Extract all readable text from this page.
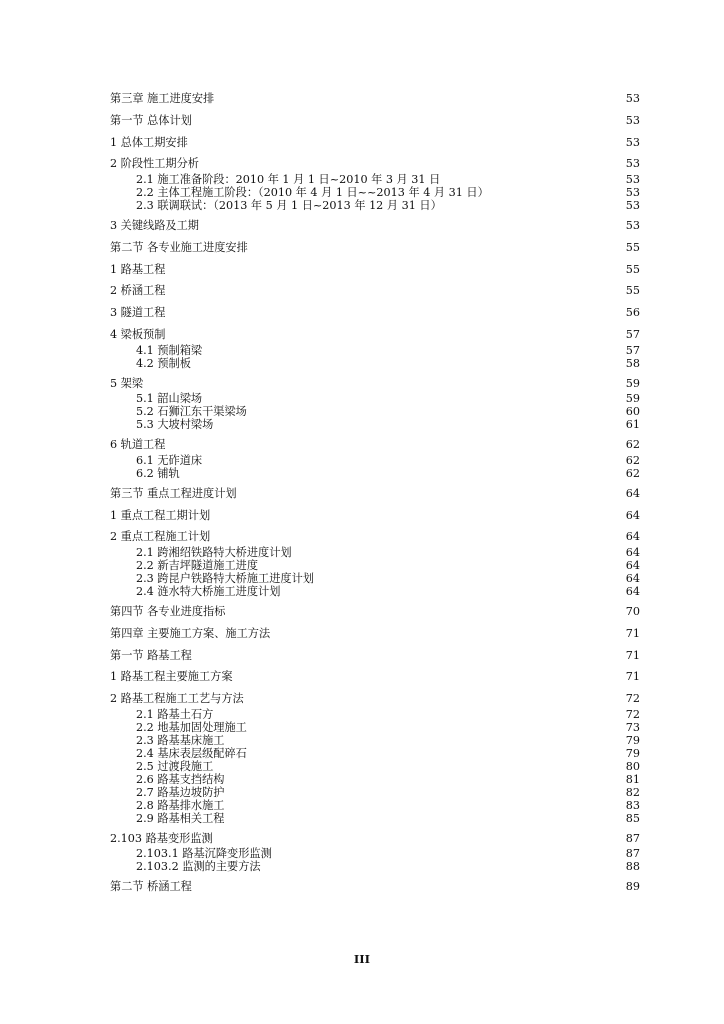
第三章 施工进度安排	53
第一节 总体计划	53
1 总体工期安排	53
2 阶段性工期分析	53
2.1 施工准备阶段：2010 年 1 月 1 日~2010 年 3 月 31 日	53
2.2 主体工程施工阶段：（2010 年 4 月 1 日~~2013 年 4 月 31 日）	53
2.3 联调联试：（2013 年 5 月 1 日~2013 年 12 月 31 日）	53
3 关键线路及工期	53
第二节 各专业施工进度安排	55
1 路基工程	55
2 桥涵工程	55
3 隧道工程	56
4 梁板预制	57
4.1 预制箱梁	57
4.2 预制板	58
5 架梁	59
5.1 韶山梁场	59
5.2 石狮江东干渠梁场	60
5.3 大坡村梁场	61
6 轨道工程	62
6.1 无砟道床	62
6.2 铺轨	62
第三节 重点工程进度计划	64
1 重点工程工期计划	64
2 重点工程施工计划	64
2.1 跨湘绍铁路特大桥进度计划	64
2.2 新吉坪隧道施工进度	64
2.3 跨昆户铁路特大桥施工进度计划	64
2.4 涟水特大桥施工进度计划	64
第四节 各专业进度指标	70
第四章 主要施工方案、施工方法	71
第一节 路基工程	71
1 路基工程主要施工方案	71
2 路基工程施工工艺与方法	72
2.1 路基土石方	72
2.2 地基加固处理施工	73
2.3 路基基床施工	79
2.4 基床表层级配碎石	79
2.5 过渡段施工	80
2.6 路基支挡结构	81
2.7 路基边坡防护	82
2.8 路基排水施工	83
2.9 路基相关工程	85
2.103 路基变形监测	87
2.103.1 路基沉降变形监测	87
2.103.2 监测的主要方法	88
第二节 桥涵工程	89
III
